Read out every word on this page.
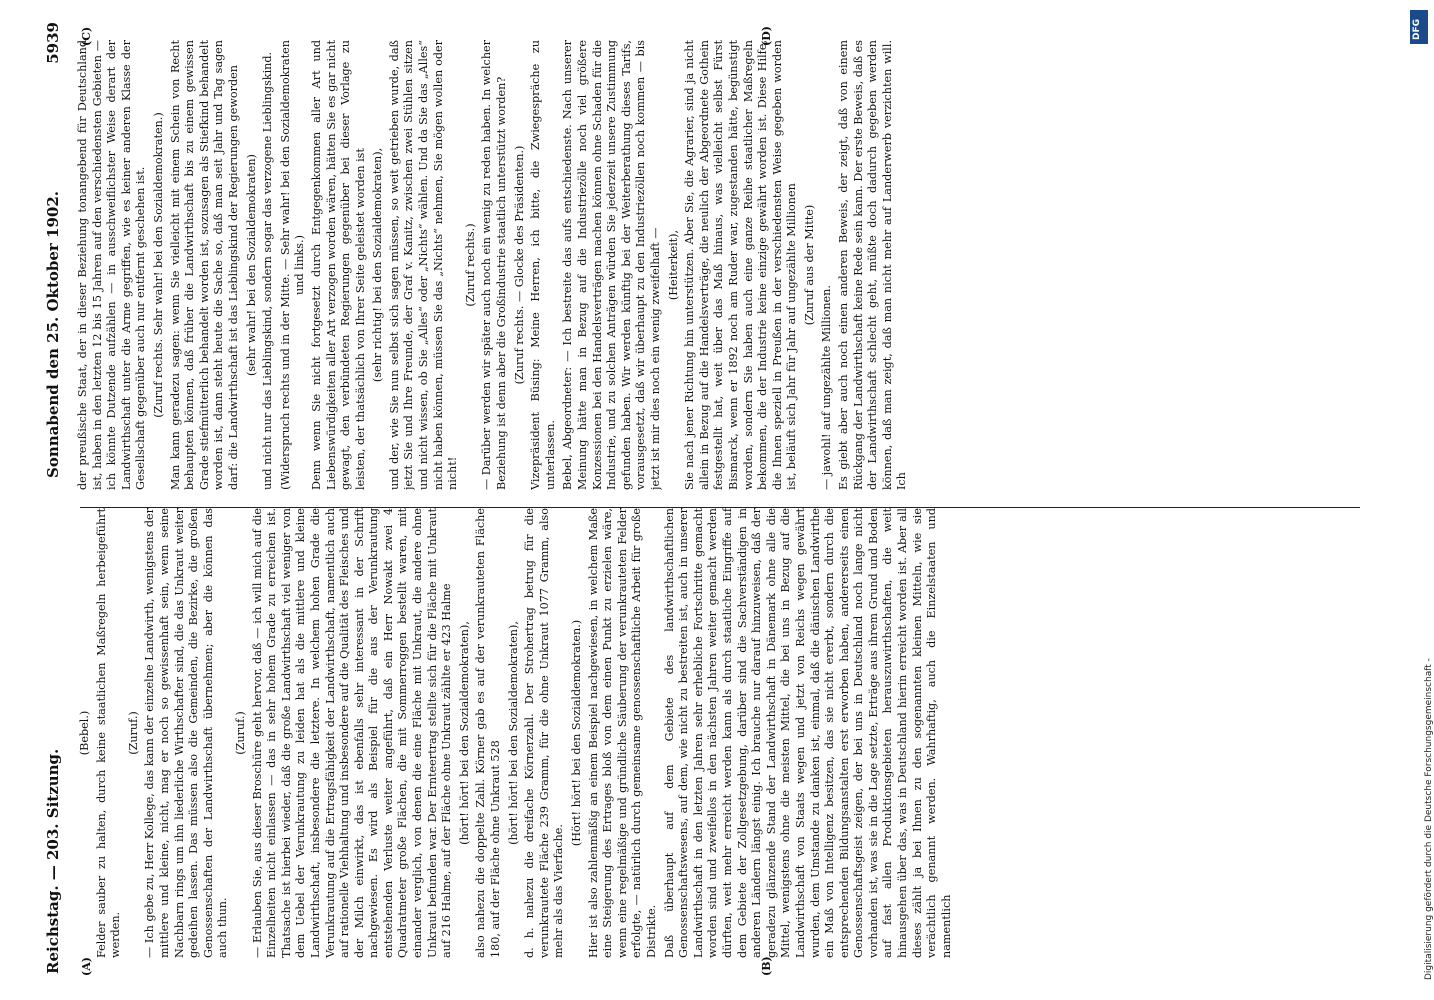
Reichstag. — 203. Sitzung.
Sonnabend den 25. Oktober 1902.
5939
(A)	(B)
(C)	(D)

(Bebel.) Felder sauber zu halten, durch keine staatlichen Maßregeln herbeigeführt werden.

(Zuruf.) — Ich gebe zu, Herr Kollege, das kann der einzelne Landwirth, wenigstens der mittlere und kleine, nicht, mag er noch so gewissenhaft sein, wenn seine Nachbarn rings um ihn liederliche Wirthschafter sind, die das Unkraut weiter gedeihen lassen. Das müssen also die Gemeinden, die Bezirke, die großen Genossenschaften der Landwirthschaft übernehmen; aber die können das auch thun.

(Zuruf.) — Erlauben Sie, aus dieser Broschüre geht hervor, daß — ich will mich auf die Einzelheiten nicht einlassen — das in sehr hohem Grade zu erreichen ist. Thatsache ist hierbei wieder, daß die große Landwirthschaft viel weniger von dem Uebel der Verunkrautung zu leiden hat als die mittlere und kleine Landwirthschaft, insbesondere die letztere. In welchem hohen Grade die Verunkrautung auf die Ertragsfähigkeit der Landwirthschaft, namentlich auch auf rationelle Viehhaltung und insbesondere auf die Qualität des Fleisches und der Milch einwirkt, das ist ebenfalls sehr interessant in der Schrift nachgewiesen. Es wird als Beispiel für die aus der Verunkrautung entstehenden Verluste weiter angeführt, daß ein Herr Nowakt zwei 4 Quadratmeter große Flächen, die mit Sommerroggen bestellt waren, mit einander verglich, von denen die eine Fläche mit Unkraut, die andere ohne Unkraut befunden war. Der Ernteertrag stellte sich für die Fläche mit Unkraut auf 216 Halme, auf der Fläche ohne Unkraut zählte er 423 Halme (hört! hört! bei den Sozialdemokraten), also nahezu die doppelte Zahl. Körner gab es auf der verunkrauteten Fläche 180, auf der Fläche ohne Unkraut 528

(hört! hört! bei den Sozialdemokraten), d. h. nahezu die dreifache Körnerzahl. Der Strohertrag betrug für die verunkrautete Fläche 239 Gramm, für die ohne Unkraut 1077 Gramm, also mehr als das Vierfache.

(Hört! hört! bei den Sozialdemokraten.) Hier ist also zahlenmäßig an einem Beispiel nachgewiesen, in welchem Maße eine Steigerung des Ertrages bloß von dem einen Punkt zu erzielen wäre, wenn eine regelmäßige und gründliche Säuberung der verunkrauteten Felder erfolgte, — natürlich durch gemeinsame genossenschaftliche Arbeit für große Distrikte. Daß überhaupt auf dem Gebiete des landwirthschaftlichen Genossenschaftswesens, auf dem, wie nicht zu bestreiten ist, auch in unserer Landwirthschaft in den letzten Jahren sehr erhebliche Fortschritte gemacht worden sind und zweifellos in den nächsten Jahren weiter gemacht werden dürften, weit mehr erreicht werden kann als durch staatliche Eingriffe auf dem Gebiete der Zollgesetzgebung, darüber sind die Sachverständigen in anderen Ländern längst einig. Ich brauche nur darauf hinzuweisen, daß der geradezu glänzende Stand der Landwirthschaft in Dänemark ohne alle die Mittel, wenigstens ohne die meisten Mittel, die bei uns in Bezug auf die Landwirthschaft von Staats wegen und jetzt von Reichs wegen gewährt wurden, dem Umstande zu danken ist, einmal, daß die dänischen Landwirthe ein Maß von Intelligenz besitzen, das sie nicht ererbt, sondern durch die entsprechenden Bildungsanstalten erst erworben haben, andererseits einen Genossenschaftsgeist zeigen, der bei uns in Deutschland noch lange nicht vorhanden ist, was sie in die Lage setzte, Erträge aus ihrem Grund und Boden auf fast allen Produktionsgebieten herauszuwirthschaften, die weit hinausgehen über das, was in Deutschland hierin erreicht worden ist. Aber all dieses zählt ja bei Ihnen zu den sogenannten kleinen Mitteln, wie sie verächtlich genannt werden. Wahrhaftig, auch die Einzelstaaten und namentlich

der preußische Staat, der in dieser Beziehung tonangebend für Deutschland ist, haben in den letzten 12 bis 15 Jahren auf den verschiedensten Gebieten — ich könnte Dutzende aufzählen — in ausschweiflichster Weise derart der Landwirthschaft unter die Arme gegriffen, wie es keiner anderen Klasse der Gesellschaft gegenüber auch nur entfernt geschehen ist. (Zuruf rechts. Sehr wahr! bei den Sozialdemokraten.) Man kann geradezu sagen: wenn Sie vielleicht mit einem Schein von Recht behaupten können, daß früher die Landwirthschaft bis zu einem gewissen Grade stiefmütterlich behandelt worden ist, sozusagen als Stiefkind behandelt worden ist, dann steht heute die Sache so, daß man seit Jahr und Tag sagen darf: die Landwirthschaft ist das Lieblingskind der Regierungen geworden (sehr wahr! bei den Sozialdemokraten) und nicht nur das Lieblingskind, sondern sogar das verzogene Lieblingskind. (Widerspruch rechts und in der Mitte. — Sehr wahr! bei den Sozialdemokraten und links.) Denn wenn Sie nicht fortgesetzt durch Entgegenkommen aller Art und Liebenswürdigkeiten aller Art verzogen worden wären, hätten Sie es gar nicht gewagt, den verbündeten Regierungen gegenüber bei dieser Vorlage zu leisten, der thatsächlich von Ihrer Seite geleistet worden ist (sehr richtig! bei den Sozialdemokraten), und der, wie Sie nun selbst sich sagen müssen, so weit getrieben wurde, daß jetzt Sie und Ihre Freunde, der Graf v. Kanitz, zwischen zwei Stühlen sitzen und nicht wissen, ob Sie „Alles“ oder „Nichts“ wählen. Und da Sie das „Alles“ nicht haben können, müssen Sie das „Nichts“ nehmen, Sie mögen wollen oder nicht!

(Zuruf rechts.) — Darüber werden wir später auch noch ein wenig zu reden haben. In welcher Beziehung ist denn aber die Großindustrie staatlich unterstützt worden? (Zuruf rechts. — Glocke des Präsidenten.) Vizepräsident Büsing: Meine Herren, ich bitte, die Zwiegespräche zu unterlassen. Bebel, Abgeordneter: — Ich bestreite das aufs entschiedenste. Nach unserer Meinung hätte man in Bezug auf die Industriezölle noch viel größere Konzessionen bei den Handelsverträgen machen können ohne Schaden für die Industrie, und zu solchen Anträgen würden Sie jederzeit unsere Zustimmung gefunden haben. Wir werden künftig bei der Weiterberathung dieses Tarifs, vorausgesetzt, daß wir überhaupt zu den Industriezöllen noch kommen — bis jetzt ist mir dies noch ein wenig zweifelhaft — (Heiterkeit), Sie nach jener Richtung hin unterstützen. Aber Sie, die Agrarier, sind ja nicht allein in Bezug auf die Handelsverträge, die neulich der Abgeordnete Gothein festgestellt hat, weit über das Maß hinaus, was vielleicht selbst Fürst Bismarck, wenn er 1892 noch am Ruder war, zugestanden hätte, begünstigt worden, sondern Sie haben auch eine ganze Reihe staatlicher Maßregeln bekommen, die der Industrie keine einzige gewährt worden ist. Diese Hilfe, die Ihnen speziell in Preußen in der verschiedensten Weise gegeben worden ist, beläuft sich Jahr für Jahr auf ungezählte Millionen (Zuruf aus der Mitte)

— jawohl! auf ungezählte Millionen. Es giebt aber auch noch einen anderen Beweis, der zeigt, daß von einem Rückgang der Landwirthschaft keine Rede sein kann. Der erste Beweis, daß es der Landwirthschaft schlecht geht, müßte doch dadurch gegeben werden können, daß man zeigt, daß man nicht mehr auf Landerwerb verzichten will. Ich

DFG
Digitalisierung gefördert durch die Deutsche Forschungsgemeinschaft -
